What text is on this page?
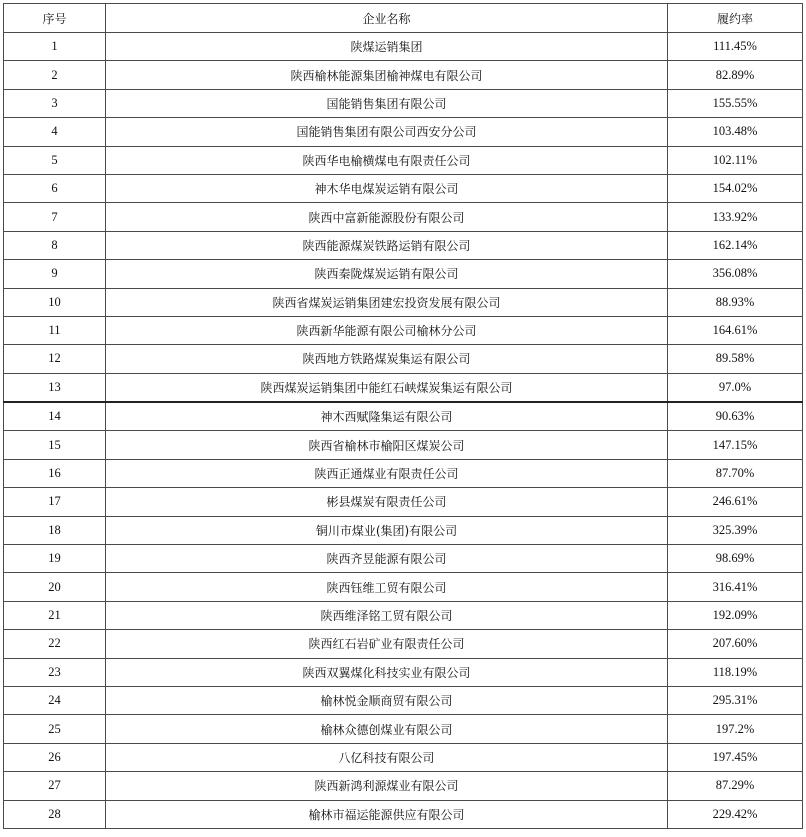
序号	企业名称	履约率
1	陕煤运销集团	111.45%
2	陕西榆林能源集团榆神煤电有限公司	82.89%
3	国能销售集团有限公司	155.55%
4	国能销售集团有限公司西安分公司	103.48%
5	陕西华电榆横煤电有限责任公司	102.11%
6	神木华电煤炭运销有限公司	154.02%
7	陕西中富新能源股份有限公司	133.92%
8	陕西能源煤炭铁路运销有限公司	162.14%
9	陕西秦陇煤炭运销有限公司	356.08%
10	陕西省煤炭运销集团建宏投资发展有限公司	88.93%
11	陕西新华能源有限公司榆林分公司	164.61%
12	陕西地方铁路煤炭集运有限公司	89.58%
13	陕西煤炭运销集团中能红石峡煤炭集运有限公司	97.0%
14	神木西赋隆集运有限公司	90.63%
15	陕西省榆林市榆阳区煤炭公司	147.15%
16	陕西正通煤业有限责任公司	87.70%
17	彬县煤炭有限责任公司	246.61%
18	铜川市煤业(集团)有限公司	325.39%
19	陕西齐昱能源有限公司	98.69%
20	陕西钰维工贸有限公司	316.41%
21	陕西维泽铭工贸有限公司	192.09%
22	陕西红石岩矿业有限责任公司	207.60%
23	陕西双翼煤化科技实业有限公司	118.19%
24	榆林悦金顺商贸有限公司	295.31%
25	榆林众德创煤业有限公司	197.2%
26	八亿科技有限公司	197.45%
27	陕西新鸿利源煤业有限公司	87.29%
28	榆林市福运能源供应有限公司	229.42%
